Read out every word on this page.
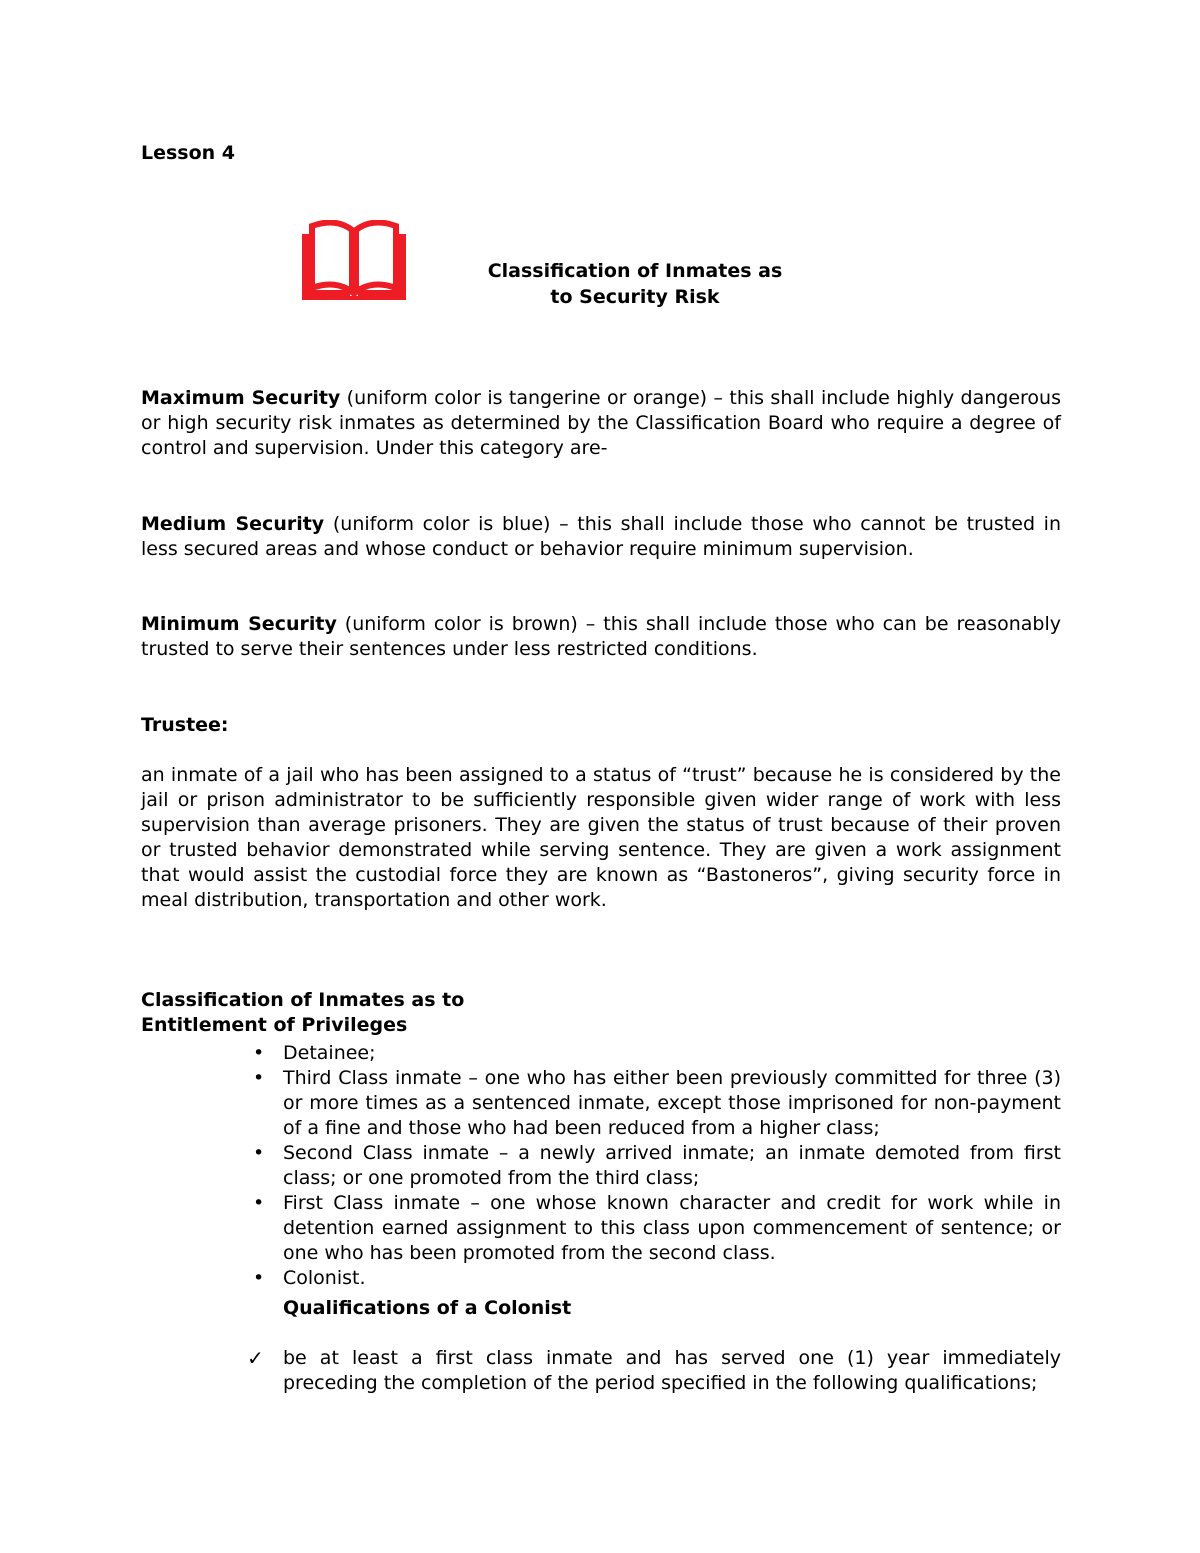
Lesson 4
Classification of Inmates as
to Security Risk
Maximum Security (uniform color is tangerine or orange) – this shall include highly dangerous or high security risk inmates as determined by the Classification Board who require a degree of control and supervision. Under this category are-
Medium Security (uniform color is blue) – this shall include those who cannot be trusted in less secured areas and whose conduct or behavior require minimum supervision.
Minimum Security (uniform color is brown) – this shall include those who can be reasonably trusted to serve their sentences under less restricted conditions.
Trustee:
an inmate of a jail who has been assigned to a status of “trust” because he is considered by the jail or prison administrator to be sufficiently responsible given wider range of work with less supervision than average prisoners. They are given the status of trust because of their proven or trusted behavior demonstrated while serving sentence. They are given a work assignment that would assist the custodial force they are known as “Bastoneros”, giving security force in meal distribution, transportation and other work.
Classification of Inmates as to
Entitlement of Privileges
• Detainee;
• Third Class inmate – one who has either been previously committed for three (3) or more times as a sentenced inmate, except those imprisoned for non-payment of a fine and those who had been reduced from a higher class;
• Second Class inmate – a newly arrived inmate; an inmate demoted from first class; or one promoted from the third class;
• First Class inmate – one whose known character and credit for work while in detention earned assignment to this class upon commencement of sentence; or one who has been promoted from the second class.
• Colonist.
Qualifications of a Colonist
✓ be at least a first class inmate and has served one (1) year immediately preceding the completion of the period specified in the following qualifications;
